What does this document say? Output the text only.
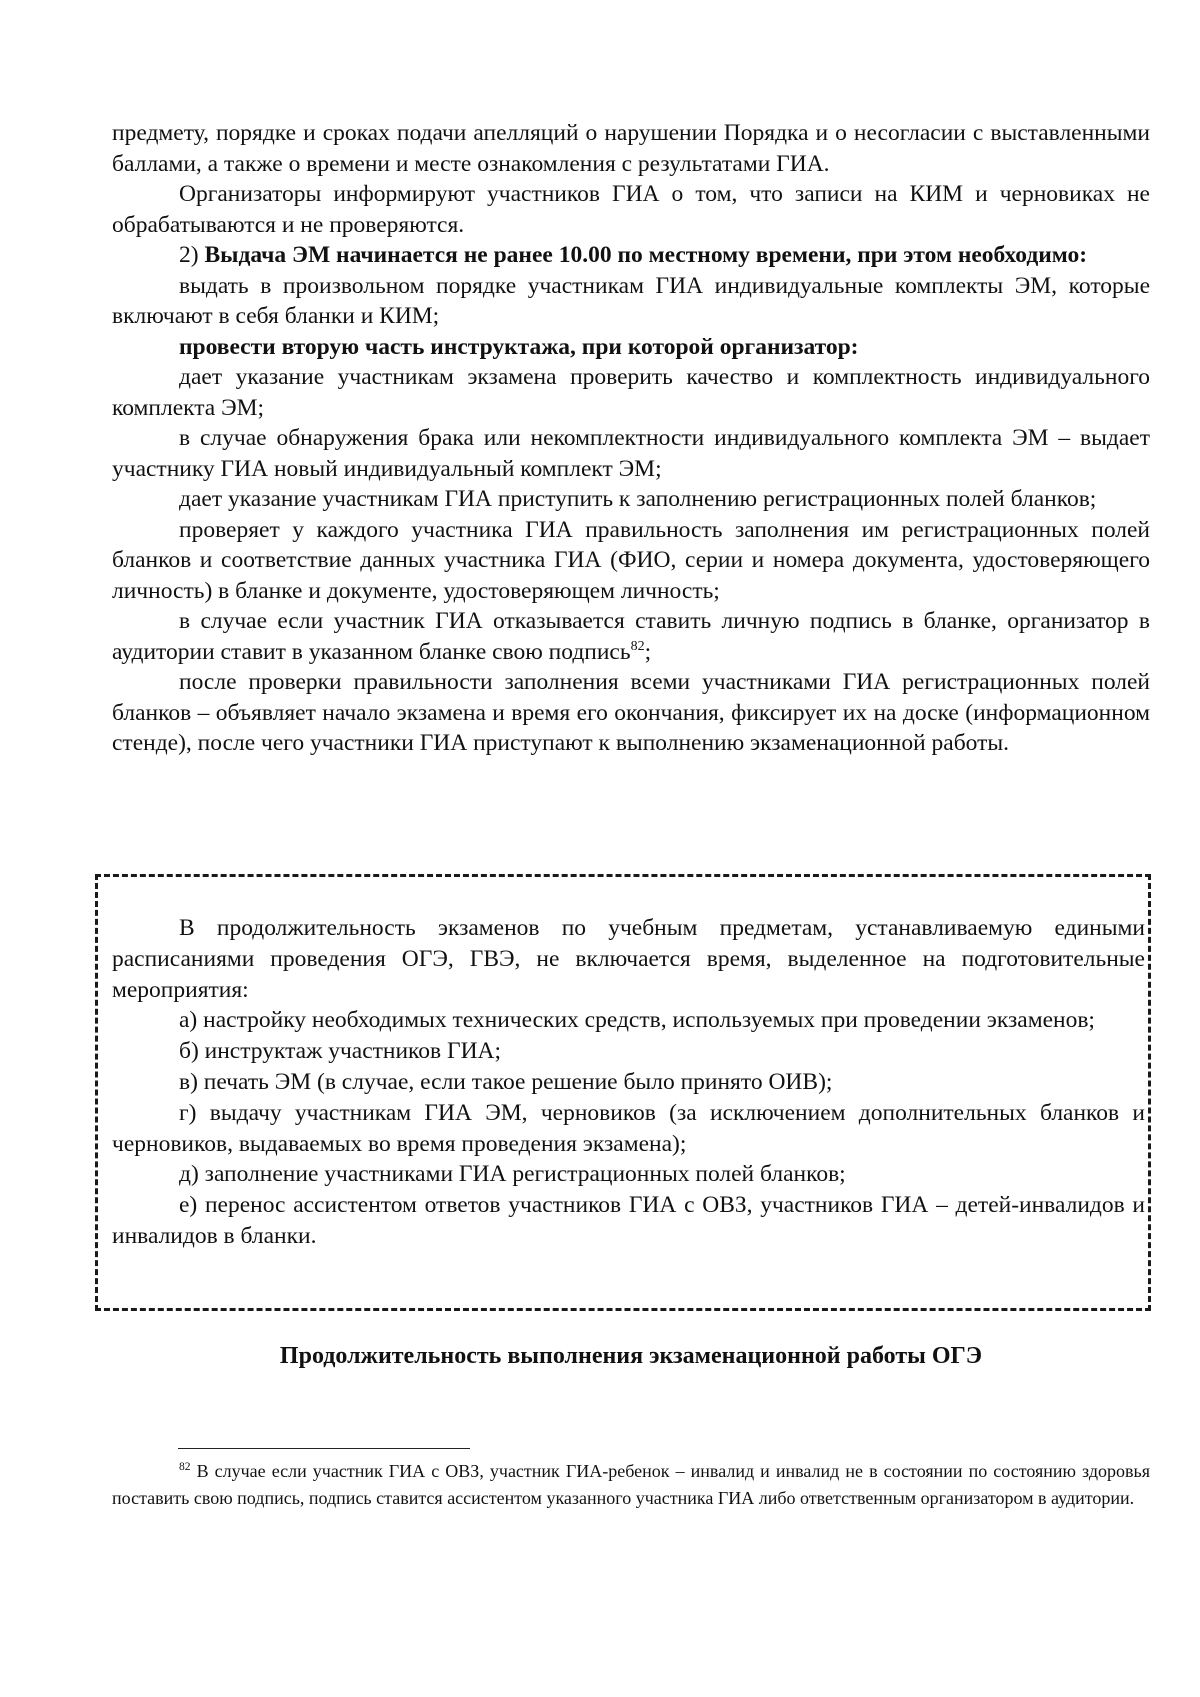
предмету, порядке и сроках подачи апелляций о нарушении Порядка и о несогласии с выставленными баллами, а также о времени и месте ознакомления с результатами ГИА.

Организаторы информируют участников ГИА о том, что записи на КИМ и черновиках не обрабатываются и не проверяются.

2) Выдача ЭМ начинается не ранее 10.00 по местному времени, при этом необходимо:

выдать в произвольном порядке участникам ГИА индивидуальные комплекты ЭМ, которые включают в себя бланки и КИМ;

провести вторую часть инструктажа, при которой организатор:

дает указание участникам экзамена проверить качество и комплектность индивидуального комплекта ЭМ;

в случае обнаружения брака или некомплектности индивидуального комплекта ЭМ – выдает участнику ГИА новый индивидуальный комплект ЭМ;

дает указание участникам ГИА приступить к заполнению регистрационных полей бланков;

проверяет у каждого участника ГИА правильность заполнения им регистрационных полей бланков и соответствие данных участника ГИА (ФИО, серии и номера документа, удостоверяющего личность) в бланке и документе, удостоверяющем личность;

в случае если участник ГИА отказывается ставить личную подпись в бланке, организатор в аудитории ставит в указанном бланке свою подпись$^{82}$;

после проверки правильности заполнения всеми участниками ГИА регистрационных полей бланков – объявляет начало экзамена и время его окончания, фиксирует их на доске (информационном стенде), после чего участники ГИА приступают к выполнению экзаменационной работы.

В продолжительность экзаменов по учебным предметам, устанавливаемую едиными расписаниями проведения ОГЭ, ГВЭ, не включается время, выделенное на подготовительные мероприятия:

а) настройку необходимых технических средств, используемых при проведении экзаменов;

б) инструктаж участников ГИА;

в) печать ЭМ (в случае, если такое решение было принято ОИВ);

г) выдачу участникам ГИА ЭМ, черновиков (за исключением дополнительных бланков и черновиков, выдаваемых во время проведения экзамена);

д) заполнение участниками ГИА регистрационных полей бланков;

е) перенос ассистентом ответов участников ГИА с ОВЗ, участников ГИА – детей-инвалидов и инвалидов в бланки.

Продолжительность выполнения экзаменационной работы ОГЭ

$^{82}$ В случае если участник ГИА с ОВЗ, участник ГИА-ребенок – инвалид и инвалид не в состоянии по состоянию здоровья поставить свою подпись, подпись ставится ассистентом указанного участника ГИА либо ответственным организатором в аудитории.
